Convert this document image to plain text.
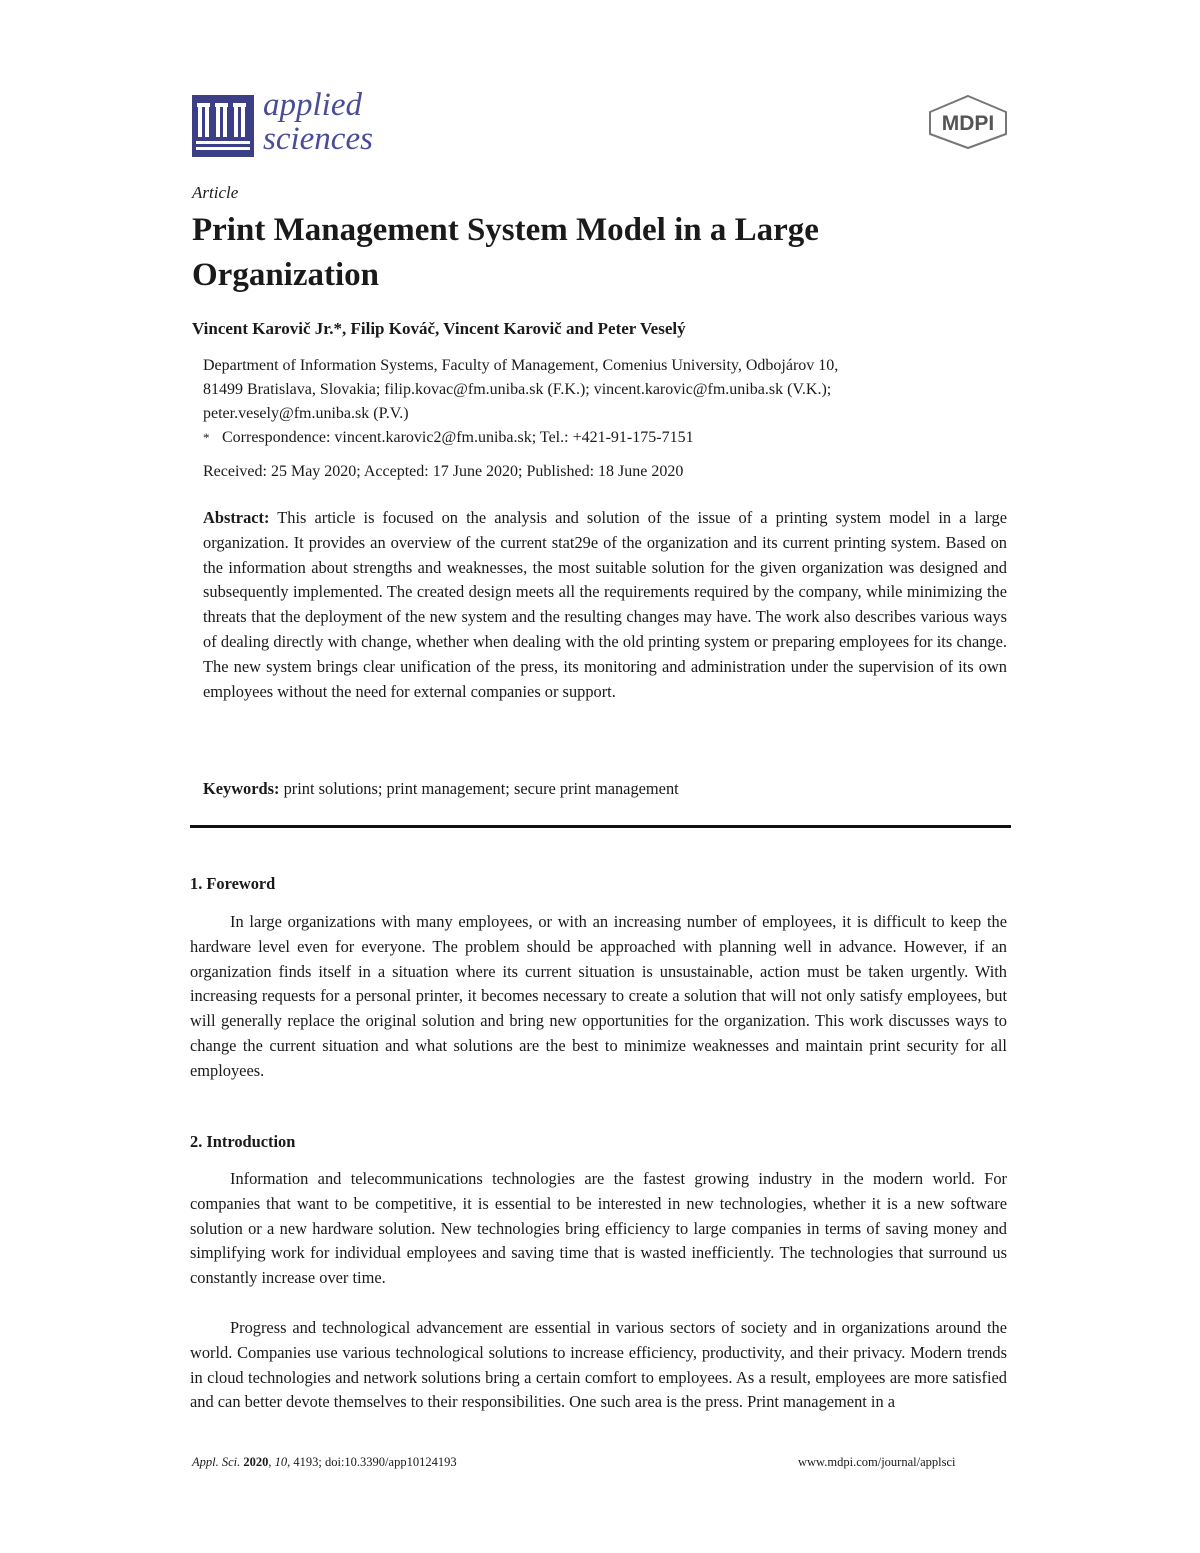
applied
sciences	MDPI
Article
Print Management System Model in a Large Organization
Vincent Karovič Jr.*, Filip Kováč, Vincent Karovič and Peter Veselý

Department of Information Systems, Faculty of Management, Comenius University, Odbojárov 10,

81499 Bratislava, Slovakia; filip.kovac@fm.uniba.sk (F.K.); vincent.karovic@fm.uniba.sk (V.K.);

peter.vesely@fm.uniba.sk (P.V.)

* Correspondence: vincent.karovic2@fm.uniba.sk; Tel.: +421-91-175-7151
Received: 25 May 2020; Accepted: 17 June 2020; Published: 18 June 2020
Abstract: This article is focused on the analysis and solution of the issue of a printing system model in a large organization. It provides an overview of the current stat29e of the organization and its current printing system. Based on the information about strengths and weaknesses, the most suitable solution for the given organization was designed and subsequently implemented. The created design meets all the requirements required by the company, while minimizing the threats that the deployment of the new system and the resulting changes may have. The work also describes various ways of dealing directly with change, whether when dealing with the old printing system or preparing employees for its change. The new system brings clear unification of the press, its monitoring and administration under the supervision of its own employees without the need for external companies or support.
Keywords: print solutions; print management; secure print management
1. Foreword

In large organizations with many employees, or with an increasing number of employees, it is difficult to keep the hardware level even for everyone. The problem should be approached with planning well in advance. However, if an organization finds itself in a situation where its current situation is unsustainable, action must be taken urgently. With increasing requests for a personal printer, it becomes necessary to create a solution that will not only satisfy employees, but will generally replace the original solution and bring new opportunities for the organization. This work discusses ways to change the current situation and what solutions are the best to minimize weaknesses and maintain print security for all employees.

2. Introduction

Information and telecommunications technologies are the fastest growing industry in the modern world. For companies that want to be competitive, it is essential to be interested in new technologies, whether it is a new software solution or a new hardware solution. New technologies bring efficiency to large companies in terms of saving money and simplifying work for individual employees and saving time that is wasted inefficiently. The technologies that surround us constantly increase over time.

Progress and technological advancement are essential in various sectors of society and in organizations around the world. Companies use various technological solutions to increase efficiency, productivity, and their privacy. Modern trends in cloud technologies and network solutions bring a certain comfort to employees. As a result, employees are more satisfied and can better devote themselves to their responsibilities. One such area is the press. Print management in a

Appl. Sci. 2020, 10, 4193; doi:10.3390/app10124193	www.mdpi.com/journal/applsci
